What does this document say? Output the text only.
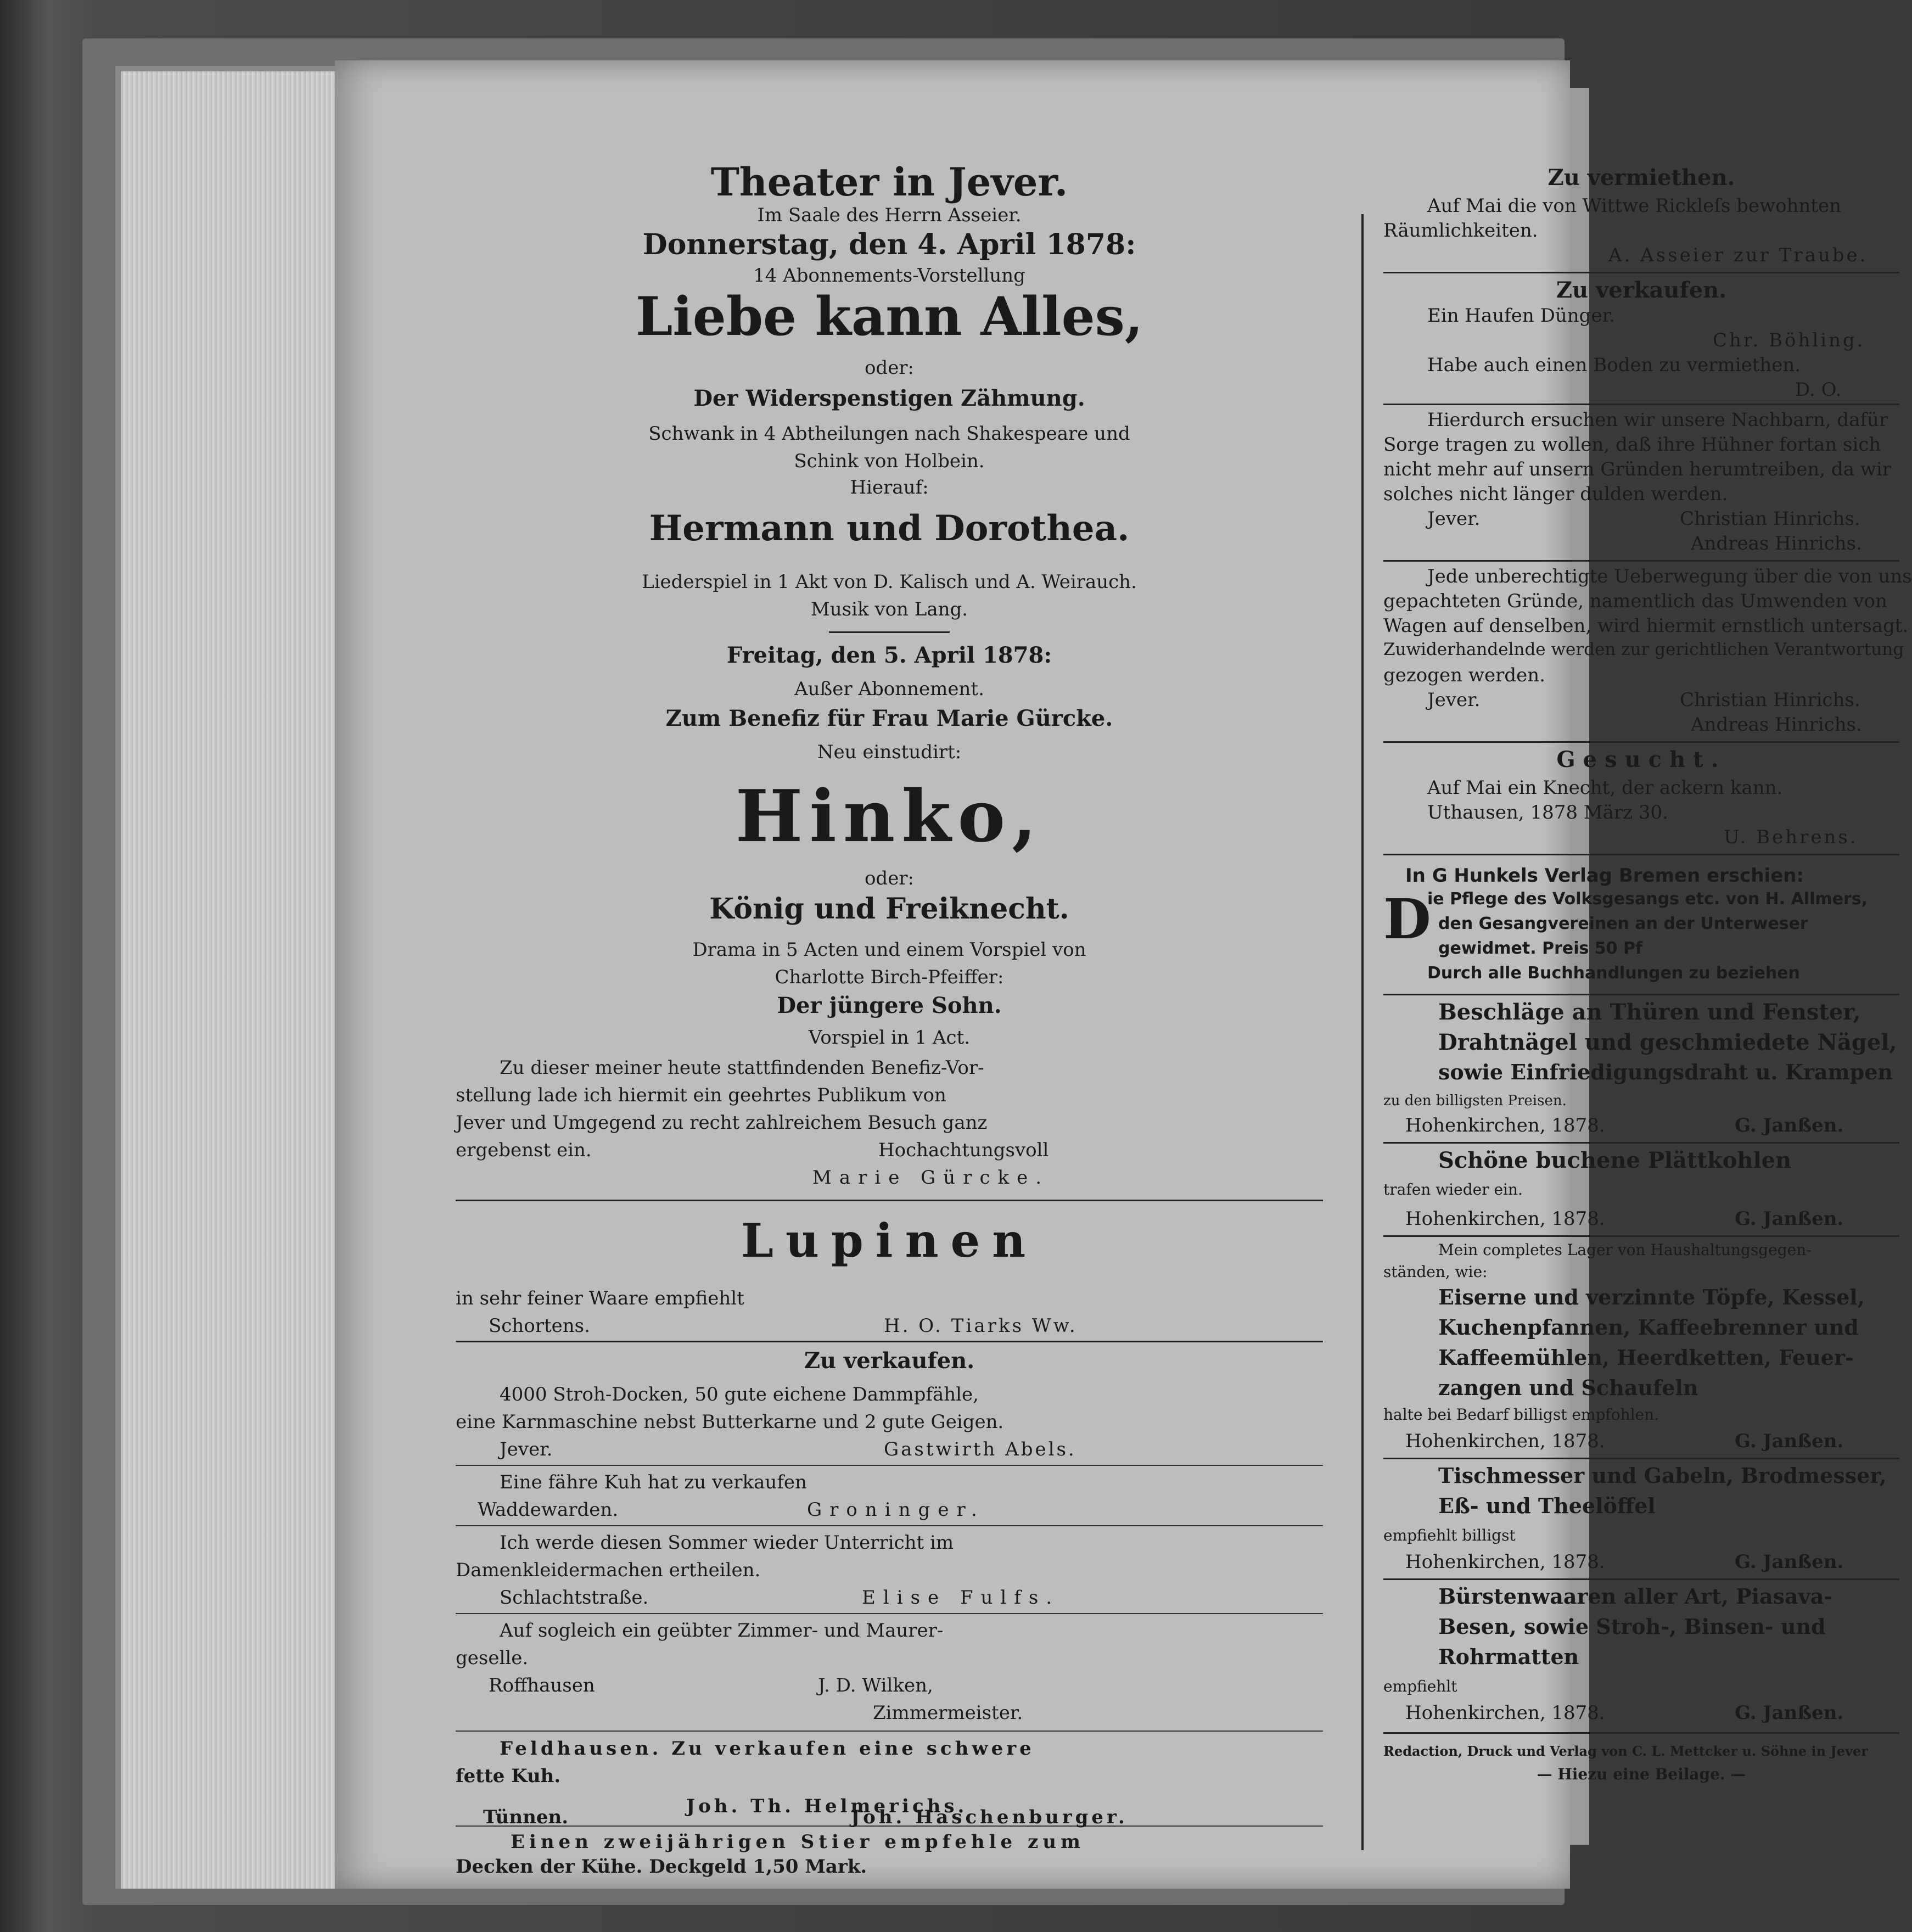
Theater in Jever.
Im Saale des Herrn Asseier.
Donnerstag, den 4. April 1878:
14 Abonnements-Vorstellung
Liebe kann Alles,
oder:
Der Widerspenstigen Zähmung.
Schwank in 4 Abtheilungen nach Shakespeare und
Schink von Holbein.
Hierauf:
Hermann und Dorothea.
Liederspiel in 1 Akt von D. Kalisch und A. Weirauch.
Musik von Lang.
Freitag, den 5. April 1878:
Außer Abonnement.
Zum Benefiz für Frau Marie Gürcke.
Neu einstudirt:
Hinko,
oder:
König und Freiknecht.
Drama in 5 Acten und einem Vorspiel von
Charlotte Birch-Pfeiffer:
Der jüngere Sohn.
Vorspiel in 1 Act.
Zu dieser meiner heute stattfindenden Benefiz-Vor-
stellung lade ich hiermit ein geehrtes Publikum von
Jever und Umgegend zu recht zahlreichem Besuch ganz
ergebenst ein.	Hochachtungsvoll
Marie Gürcke.
Lupinen
in sehr feiner Waare empfiehlt
Schortens.	H. O. Tiarks Ww.
Zu verkaufen.
4000 Stroh-Docken, 50 gute eichene Dammpfähle,
eine Karnmaschine nebst Butterkarne und 2 gute Geigen.
Jever.	Gastwirth Abels.
Eine fähre Kuh hat zu verkaufen
Waddewarden.	Groninger.
Ich werde diesen Sommer wieder Unterricht im
Damenkleidermachen ertheilen.
Schlachtstraße.	Elise Fulfs.
Auf sogleich ein geübter Zimmer- und Maurer-
geselle.
Roffhausen	J. D. Wilken,
Zimmermeister.
Feldhausen. Zu verkaufen eine schwere
fette Kuh.
Joh. Th. Helmerichs.
Einen zweijährigen Stier empfehle zum
Decken der Kühe. Deckgeld 1,50 Mark.
Zu vermiethen.
Auf Mai die von Wittwe Rickleſs bewohnten
Räumlichkeiten.
A. Asseier zur Traube.
Zu verkaufen.
Ein Haufen Dünger.
Chr. Böhling.
Habe auch einen Boden zu vermiethen.
D. O.
Hierdurch ersuchen wir unsere Nachbarn, dafür
Sorge tragen zu wollen, daß ihre Hühner fortan sich
nicht mehr auf unsern Gründen herumtreiben, da wir
solches nicht länger dulden werden.
Jever.	Christian Hinrichs.
Andreas Hinrichs.
Jede unberechtigte Ueberwegung über die von uns
gepachteten Gründe, namentlich das Umwenden von
Wagen auf denselben, wird hiermit ernstlich untersagt.
Zuwiderhandelnde werden zur gerichtlichen Verantwortung
gezogen werden.
Jever.	Christian Hinrichs.
Andreas Hinrichs.
Gesucht.
Auf Mai ein Knecht, der ackern kann.
Uthausen, 1878 März 30.
U. Behrens.
In G Hunkels Verlag Bremen erschien:
D
ie Pflege des Volksgesangs etc. von H. Allmers,
den Gesangvereinen an der Unterweser
gewidmet. Preis 50 Pf
Durch alle Buchhandlungen zu beziehen
Beschläge an Thüren und Fenster,
Drahtnägel und geschmiedete Nägel,
sowie Einfriedigungsdraht u. Krampen
zu den billigsten Preisen.
Hohenkirchen, 1878.	G. Janßen.
Schöne buchene Plättkohlen
trafen wieder ein.
Hohenkirchen, 1878.	G. Janßen.
Mein completes Lager von Haushaltungsgegen-
ständen, wie:
Eiserne und verzinnte Töpfe, Kessel,
Kuchenpfannen, Kaffeebrenner und
Kaffeemühlen, Heerdketten, Feuer-
zangen und Schaufeln
halte bei Bedarf billigst empfohlen.
Hohenkirchen, 1878.	G. Janßen.
Tischmesser und Gabeln, Brodmesser,
Eß- und Theelöffel
empfiehlt billigst
Hohenkirchen, 1878.	G. Janßen.
Bürstenwaaren aller Art, Piasava-
Besen, sowie Stroh-, Binsen- und
Rohrmatten
empfiehlt
Hohenkirchen, 1878.	G. Janßen.
Redaction, Druck und Verlag von C. L. Mettcker u. Söhne in Jever
— Hiezu eine Beilage. —
Tünnen.	Joh. Haschenburger.
